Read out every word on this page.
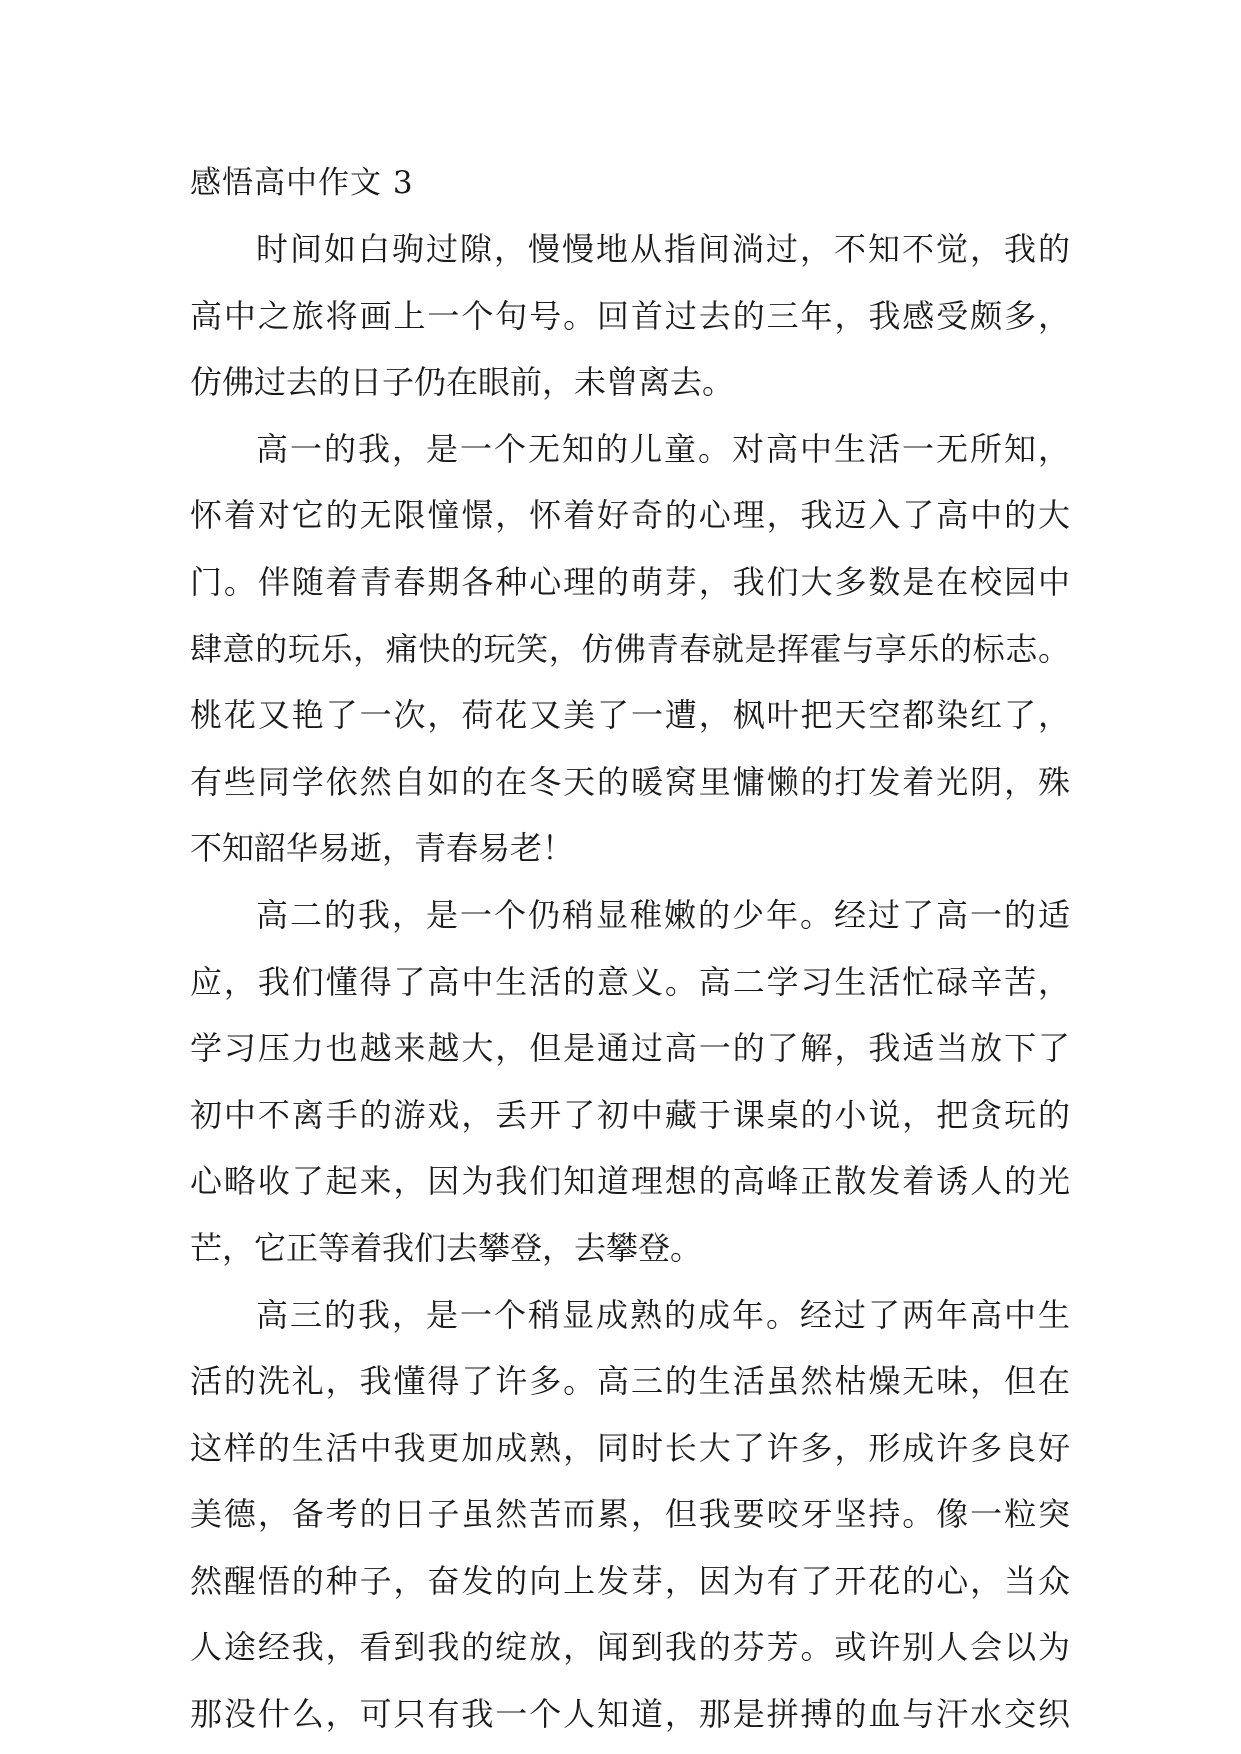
感悟高中作文 3
时间如白驹过隙，慢慢地从指间淌过，不知不觉，我的
高中之旅将画上一个句号。回首过去的三年，我感受颇多，
仿佛过去的日子仍在眼前，未曾离去。
高一的我，是一个无知的儿童。对高中生活一无所知，
怀着对它的无限憧憬，怀着好奇的心理，我迈入了高中的大
门。伴随着青春期各种心理的萌芽，我们大多数是在校园中
肆意的玩乐，痛快的玩笑，仿佛青春就是挥霍与享乐的标志。
桃花又艳了一次，荷花又美了一遭，枫叶把天空都染红了，
有些同学依然自如的在冬天的暖窝里慵懒的打发着光阴，殊
不知韶华易逝，青春易老！
高二的我，是一个仍稍显稚嫩的少年。经过了高一的适
应，我们懂得了高中生活的意义。高二学习生活忙碌辛苦，
学习压力也越来越大，但是通过高一的了解，我适当放下了
初中不离手的游戏，丢开了初中藏于课桌的小说，把贪玩的
心略收了起来，因为我们知道理想的高峰正散发着诱人的光
芒，它正等着我们去攀登，去攀登。
高三的我，是一个稍显成熟的成年。经过了两年高中生
活的洗礼，我懂得了许多。高三的生活虽然枯燥无味，但在
这样的生活中我更加成熟，同时长大了许多，形成许多良好
美德，备考的日子虽然苦而累，但我要咬牙坚持。像一粒突
然醒悟的种子，奋发的向上发芽，因为有了开花的心，当众
人途经我，看到我的绽放，闻到我的芬芳。或许别人会以为
那没什么，可只有我一个人知道，那是拼搏的血与汗水交织
